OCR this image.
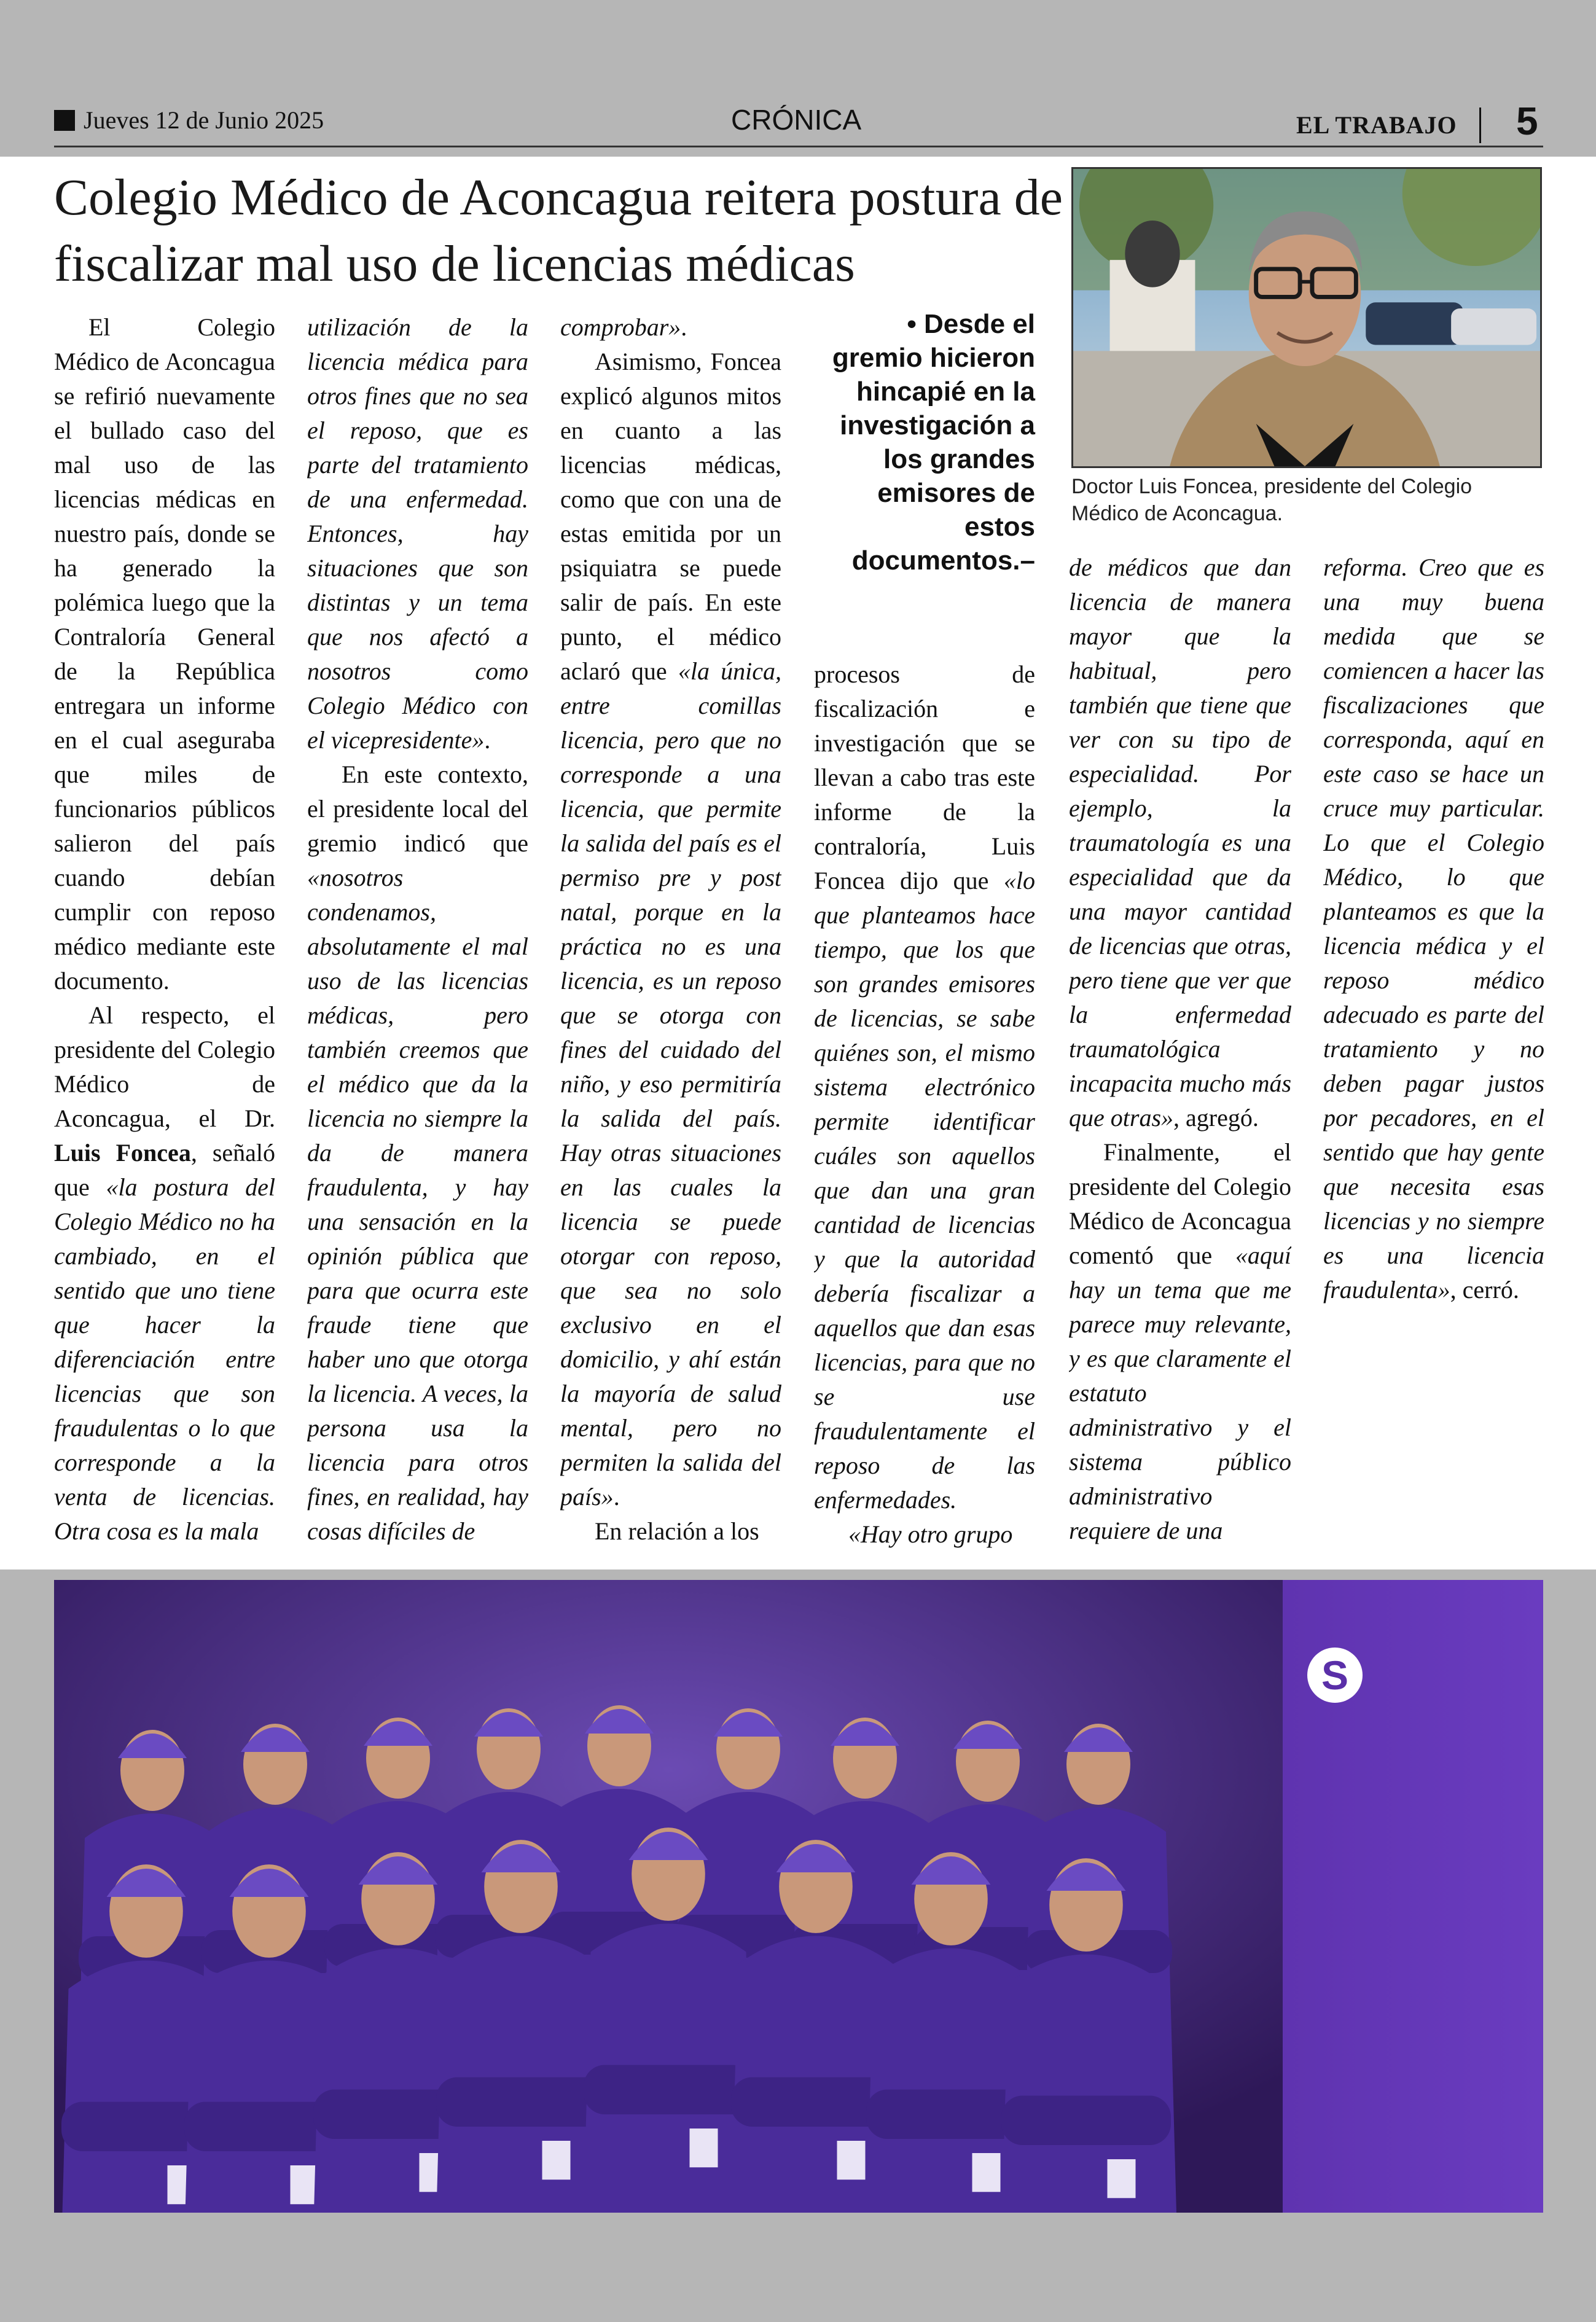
Jueves 12 de Junio 2025	CRÓNICA	EL TRABAJO 5
Colegio Médico de Aconcagua reitera postura de fiscalizar mal uso de licencias médicas
Doctor Luis Foncea, presidente del Colegio Médico de Aconcagua.
• Desde el gremio hicieron hincapié en la investigación a los grandes emisores de estos documentos.–

El	Colegio Médico de Aconcagua se refirió nuevamente el bullado caso del mal uso de las licencias médicas en nuestro país, donde se ha generado la polémica luego que la Contraloría General de la República entregara un informe en el cual aseguraba que miles de funcionarios públicos salieron del país cuando	debían cumplir con reposo médico mediante este documento.

Al respecto, el presidente del Colegio Médico	de Aconcagua, el Dr. Luis Foncea, señaló que «la postura del Colegio Médico no ha cambiado, en el sentido que uno tiene que hacer la diferenciación entre licencias que son fraudulentas o lo que corresponde a la venta de licencias. Otra cosa es la mala

utilización de la licencia médica para otros fines que no sea el reposo, que es parte del tratamiento de una enfermedad. Entonces,	hay situaciones que son distintas y un tema que nos afectó a nosotros	como Colegio Médico con el vicepresidente».

En este contexto, el presidente local del gremio indicó que «nosotros condenamos, absolutamente el mal uso de las licencias médicas,	pero también creemos que el médico que da la licencia no siempre la da de manera fraudulenta, y hay una sensación en la opinión pública que para que ocurra este fraude tiene que haber uno que otorga la licencia. A veces, la persona usa la licencia para otros fines, en realidad, hay cosas difíciles de

comprobar».

Asimismo, Foncea explicó algunos mitos en cuanto a las licencias médicas, como que con una de estas emitida por un psiquiatra se puede salir de país. En este punto, el médico aclaró que «la única, entre	comillas licencia, pero que no corresponde a una licencia, que permite la salida del país es el permiso pre y post natal, porque en la práctica no es una licencia, es un reposo que se otorga con fines del cuidado del niño, y eso permitiría la salida del país. Hay otras situaciones en las cuales la licencia se puede otorgar con reposo, que sea no solo exclusivo en el domicilio, y ahí están la mayoría de salud mental, pero no permiten la salida del país».

En relación a los

procesos	de fiscalización	e investigación que se llevan a cabo tras este informe de la contraloría,	Luis Foncea dijo que «lo que planteamos hace tiempo, que los que son grandes emisores de licencias, se sabe quiénes son, el mismo sistema electrónico permite identificar cuáles son aquellos que dan una gran cantidad de licencias y que la autoridad debería fiscalizar a aquellos que dan esas licencias, para que no se	use fraudulentamente el reposo de las enfermedades.

«Hay otro grupo

de médicos que dan licencia de manera mayor que la habitual,	pero también que tiene que ver con su tipo de especialidad. Por ejemplo,	la traumatología es una especialidad que da una mayor cantidad de licencias que otras, pero tiene que ver que la	enfermedad traumatológica incapacita mucho más que otras», agregó.

Finalmente, el presidente del Colegio Médico de Aconcagua comentó que «aquí hay un tema que me parece muy relevante, y es que claramente el estatuto administrativo y el sistema	público administrativo requiere de una

reforma. Creo que es una muy buena medida que se comiencen a hacer las fiscalizaciones que corresponda, aquí en este caso se hace un cruce muy particular. Lo que el Colegio Médico, lo que planteamos es que la licencia médica y el reposo	médico adecuado es parte del tratamiento y no deben pagar justos por pecadores, en el sentido que hay gente que necesita esas licencias y no siempre es una licencia fraudulenta», cerró.

S
